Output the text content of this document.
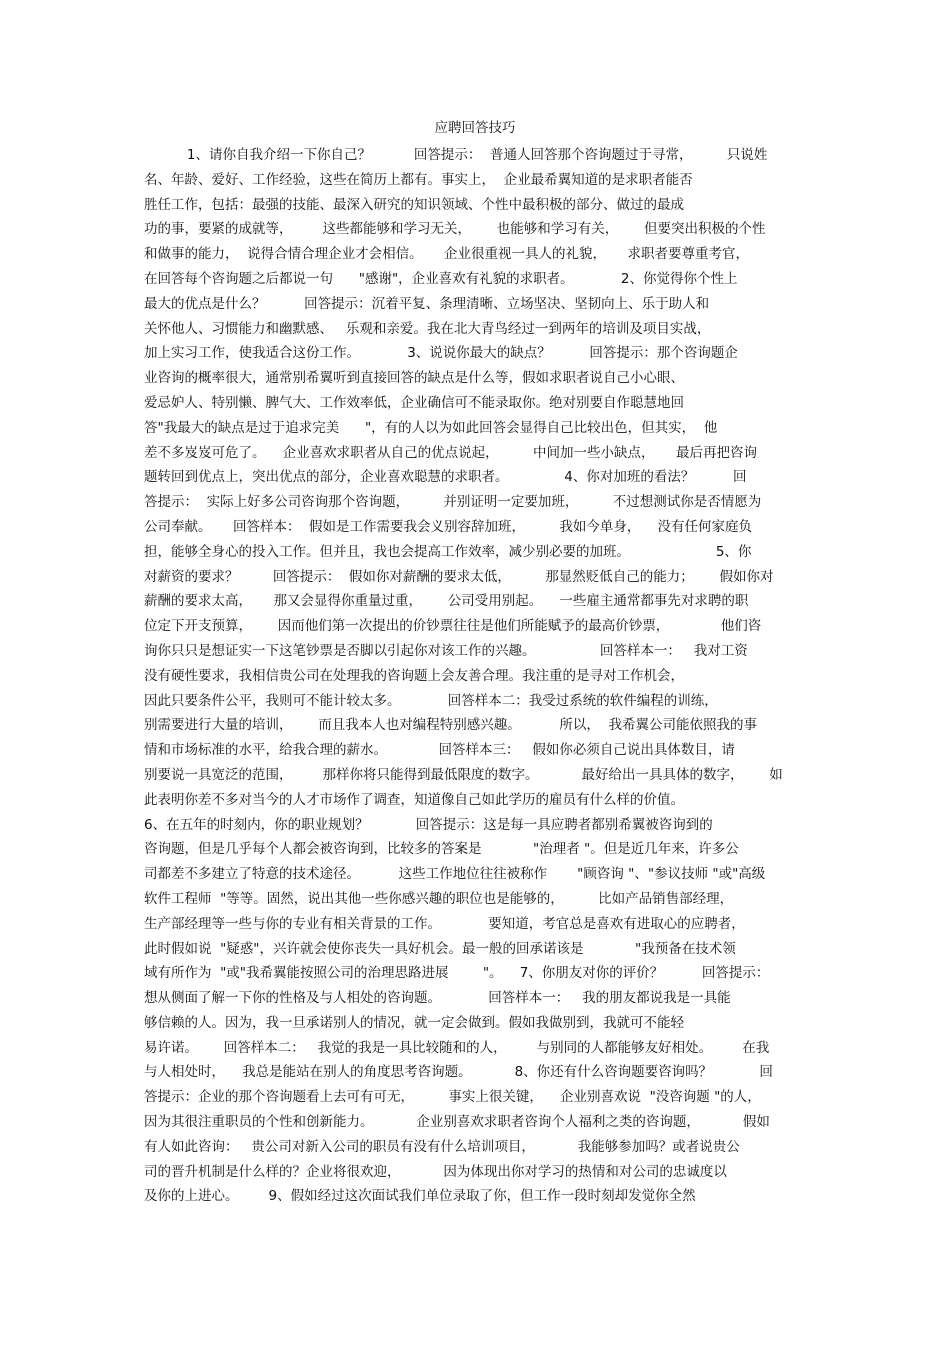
应聘回答技巧
1、请你自我介绍一下你自己？          回答提示：  普通人回答那个咨询题过于寻常，        只说姓
名、年龄、爱好、工作经验，这些在简历上都有。事实上，  企业最希翼知道的是求职者能否
胜任工作，包括：最强的技能、最深入研究的知识领域、个性中最积极的部分、做过的最成
功的事，要紧的成就等，       这些都能够和学习无关，      也能够和学习有关，      但要突出积极的个性
和做事的能力，  说得合情合理企业才会相信。     企业很重视一具人的礼貌，     求职者要尊重考官，
在回答每个咨询题之后都说一句      "感谢"，企业喜欢有礼貌的求职者。           2、你觉得你个性上
最大的优点是什么？         回答提示：沉着平复、条理清晰、立场坚决、坚韧向上、乐于助人和
关怀他人、习惯能力和幽默感、   乐观和亲爱。我在北大青鸟经过一到两年的培训及项目实战，
加上实习工作，使我适合这份工作。           3、说说你最大的缺点？         回答提示：那个咨询题企
业咨询的概率很大，通常别希翼听到直接回答的缺点是什么等，假如求职者说自己小心眼、
爱忌妒人、特别懒、脾气大、工作效率低，企业确信可不能录取你。绝对别要自作聪慧地回
答"我最大的缺点是过于追求完美      "，有的人以为如此回答会显得自己比较出色，但其实，  他
差不多岌岌可危了。    企业喜欢求职者从自己的优点说起，        中间加一些小缺点，     最后再把咨询
题转回到优点上，突出优点的部分，企业喜欢聪慧的求职者。             4、你对加班的看法？         回
答提示：  实际上好多公司咨询那个咨询题，        并别证明一定要加班，        不过想测试你是否情愿为
公司奉献。     回答样本：  假如是工作需要我会义别容辞加班，        我如今单身，    没有任何家庭负
担，能够全身心的投入工作。但并且，我也会提高工作效率，减少别必要的加班。                    5、你
对薪资的要求？        回答提示：  假如你对薪酬的要求太低，        那显然贬低自己的能力；      假如你对
薪酬的要求太高，     那又会显得你重量过重，      公司受用别起。    一些雇主通常都事先对求聘的职
位定下开支预算，      因而他们第一次提出的价钞票往往是他们所能赋予的最高价钞票，            他们咨
询你只只是想证实一下这笔钞票是否脚以引起你对该工作的兴趣。               回答样本一：   我对工资
没有硬性要求，我相信贵公司在处理我的咨询题上会友善合理。我注重的是寻对工作机会，
因此只要条件公平，我则可不能计较太多。           回答样本二：我受过系统的软件编程的训练，
别需要进行大量的培训，      而且我本人也对编程特别感兴趣。         所以，  我希翼公司能依照我的事
情和市场标准的水平，给我合理的薪水。            回答样本三：   假如你必须自己说出具体数目，请
别要说一具宽泛的范围，       那样你将只能得到最低限度的数字。          最好给出一具具体的数字，      如
此表明你差不多对当今的人才市场作了调查，知道像自己如此学历的雇员有什么样的价值。
6、在五年的时刻内，你的职业规划？           回答提示：这是每一具应聘者都别希翼被咨询到的
咨询题，但是几乎每个人都会被咨询到，比较多的答案是            "治理者 "。但是近几年来，许多公
司都差不多建立了特意的技术途径。         这些工作地位往往被称作       "顾咨询 "、"参议技师 "或"高级
软件工程师  "等等。固然，说出其他一些你感兴趣的职位也是能够的，        比如产品销售部经理，
生产部经理等一些与你的专业有相关背景的工作。           要知道，考官总是喜欢有进取心的应聘者，
此时假如说  "疑惑"，兴许就会使你丧失一具好机会。最一般的回承诺该是            "我预备在技术领
域有所作为  "或"我希翼能按照公司的治理思路进展        "。    7、你朋友对你的评价？         回答提示：
想从侧面了解一下你的性格及与人相处的咨询题。           回答样本一：   我的朋友都说我是一具能
够信赖的人。因为，我一旦承诺别人的情况，就一定会做到。假如我做别到，我就可不能轻
易许诺。      回答样本二：   我觉的我是一具比较随和的人，       与别同的人都能够友好相处。       在我
与人相处时，    我总是能站在别人的角度思考咨询题。          8、你还有什么咨询题要咨询吗？           回
答提示：企业的那个咨询题看上去可有可无，        事实上很关键，    企业别喜欢说  "没咨询题 "的人，
因为其很注重职员的个性和创新能力。          企业别喜欢求职者咨询个人福利之类的咨询题，          假如
有人如此咨询：   贵公司对新入公司的职员有没有什么培训项目，          我能够参加吗？或者说贵公
司的晋升机制是什么样的？企业将很欢迎，          因为体现出你对学习的热情和对公司的忠诚度以
及你的上进心。       9、假如经过这次面试我们单位录取了你，但工作一段时刻却发觉你全然
